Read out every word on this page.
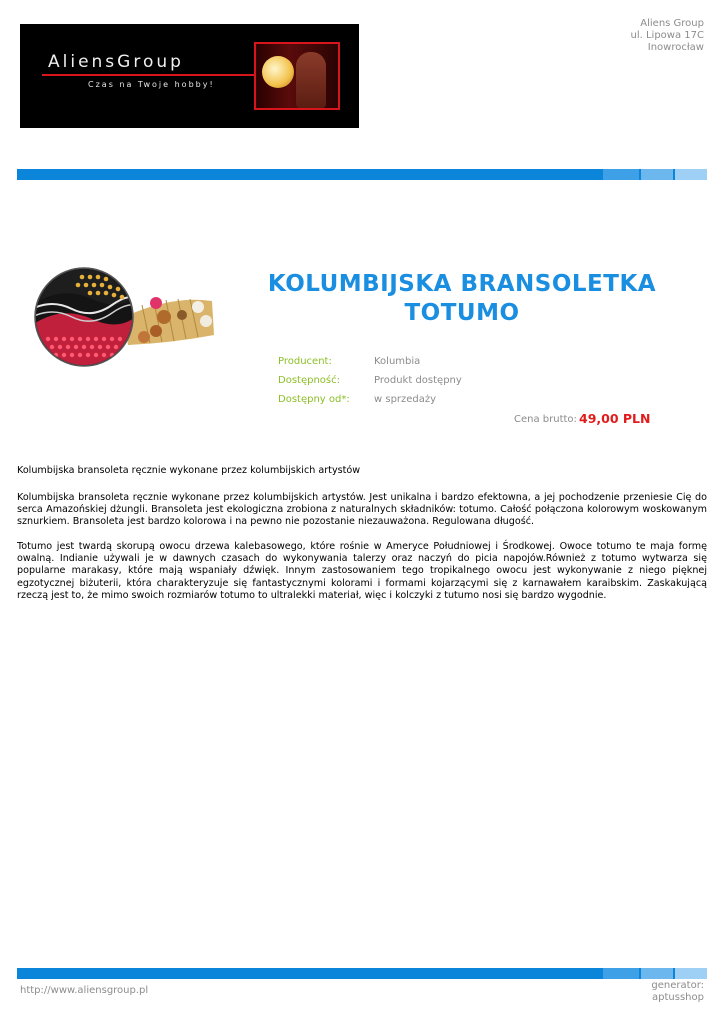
AliensGroup
Czas na Twoje hobby!
Aliens Group
ul. Lipowa 17C
Inowrocław
KOLUMBIJSKA BRANSOLETKA
TOTUMO
Producent:	Kolumbia
Dostępność:	Produkt dostępny
Dostępny od*: w sprzedaży
Cena brutto: 49,00 PLN
Kolumbijska bransoleta ręcznie wykonane przez kolumbijskich artystów

Kolumbijska bransoleta ręcznie wykonane przez kolumbijskich artystów. Jest unikalna i bardzo efektowna, a jej pochodzenie przeniesie Cię do serca Amazońskiej dżungli. Bransoleta jest ekologiczna zrobiona z naturalnych składników: totumo. Całość połączona kolorowym woskowanym sznurkiem. Bransoleta jest bardzo kolorowa i na pewno nie pozostanie niezauważona. Regulowana długość.

Totumo jest twardą skorupą owocu drzewa kalebasowego, które rośnie w Ameryce Południowej i Środkowej. Owoce totumo te maja formę owalną. Indianie używali je w dawnych czasach do wykonywania talerzy oraz naczyń do picia napojów.Również z totumo wytwarza się popularne marakasy, które mają wspaniały dźwięk. Innym zastosowaniem tego tropikalnego owocu jest wykonywanie z niego pięknej egzotycznej biżuterii, która charakteryzuje się fantastycznymi kolorami i formami kojarzącymi się z karnawałem karaibskim. Zaskakującą rzeczą jest to, że mimo swoich rozmiarów totumo to ultralekki materiał, więc i kolczyki z tutumo nosi się bardzo wygodnie.

http://www.aliensgroup.pl	generator:
aptusshop
